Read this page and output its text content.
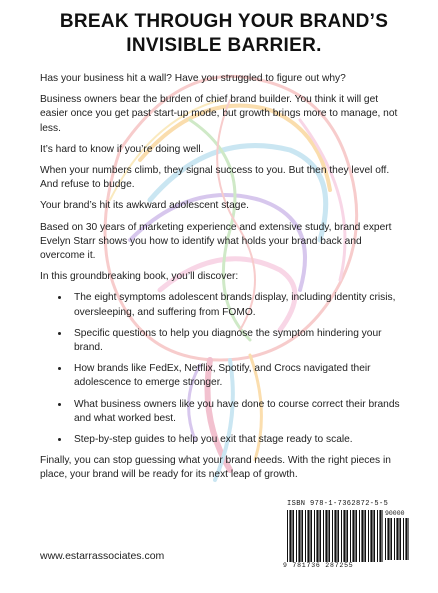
BREAK THROUGH YOUR BRAND’S
INVISIBLE BARRIER.

Has your business hit a wall? Have you struggled to figure out why?

Business owners bear the burden of chief brand builder. You think it will get easier once you get past start-up mode, but growth brings more to manage, not less.

It’s hard to know if you’re doing well.

When your numbers climb, they signal success to you. But then they level off. And refuse to budge.

Your brand’s hit its awkward adolescent stage.

Based on 30 years of marketing experience and extensive study, brand expert Evelyn Starr shows you how to identify what holds your brand back and overcome it.

In this groundbreaking book, you’ll discover:

• The eight symptoms adolescent brands display, including identity crisis, oversleeping, and suffering from FOMO.
• Specific questions to help you diagnose the symptom hindering your brand.
• How brands like FedEx, Netflix, Spotify, and Crocs navigated their adolescence to emerge stronger.
• What business owners like you have done to course correct their brands and what worked best.
• Step-by-step guides to help you exit that stage ready to scale.

Finally, you can stop guessing what your brand needs. With the right pieces in place, your brand will be ready for its next leap of growth.

www.estarrassociates.com
ISBN 978-1-7362872-5-5
90000
9 781736 287255
